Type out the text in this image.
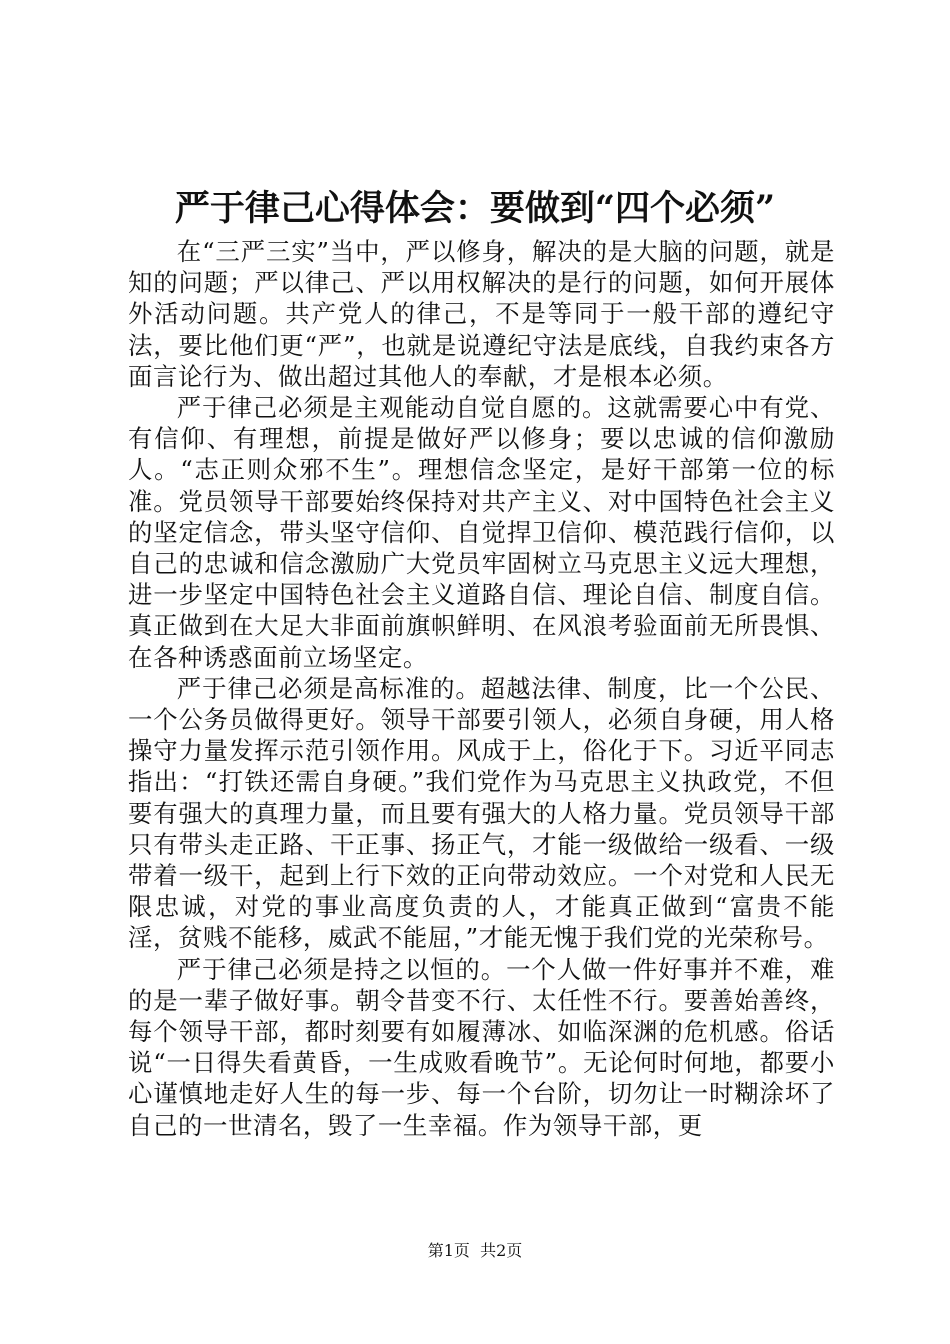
严于律己心得体会：要做到“四个必须”

在“三严三实”当中，严以修身，解决的是大脑的问题，就是知的问题；严以律己、严以用权解决的是行的问题，如何开展体外活动问题。共产党人的律己，不是等同于一般干部的遵纪守法，要比他们更“严”，也就是说遵纪守法是底线，自我约束各方面言论行为、做出超过其他人的奉献，才是根本必须。

严于律己必须是主观能动自觉自愿的。这就需要心中有党、有信仰、有理想，前提是做好严以修身；要以忠诚的信仰激励人。“志正则众邪不生”。理想信念坚定，是好干部第一位的标准。党员领导干部要始终保持对共产主义、对中国特色社会主义的坚定信念，带头坚守信仰、自觉捍卫信仰、模范践行信仰，以自己的忠诚和信念激励广大党员牢固树立马克思主义远大理想，进一步坚定中国特色社会主义道路自信、理论自信、制度自信。真正做到在大足大非面前旗帜鲜明、在风浪考验面前无所畏惧、在各种诱惑面前立场坚定。

严于律己必须是高标准的。超越法律、制度，比一个公民、一个公务员做得更好。领导干部要引领人，必须自身硬，用人格操守力量发挥示范引领作用。风成于上，俗化于下。习近平同志指出：“打铁还需自身硬。”我们党作为马克思主义执政党，不但要有强大的真理力量，而且要有强大的人格力量。党员领导干部只有带头走正路、干正事、扬正气，才能一级做给一级看、一级带着一级干，起到上行下效的正向带动效应。一个对党和人民无限忠诚，对党的事业高度负责的人，才能真正做到“富贵不能淫，贫贱不能移，威武不能屈，”才能无愧于我们党的光荣称号。

严于律己必须是持之以恒的。一个人做一件好事并不难，难的是一辈子做好事。朝令昔变不行、太任性不行。要善始善终，每个领导干部，都时刻要有如履薄冰、如临深渊的危机感。俗话说“一日得失看黄昏，一生成败看晚节”。无论何时何地，都要小心谨慎地走好人生的每一步、每一个台阶，切勿让一时糊涂坏了自己的一世清名，毁了一生幸福。作为领导干部，更

第1页  共2页
